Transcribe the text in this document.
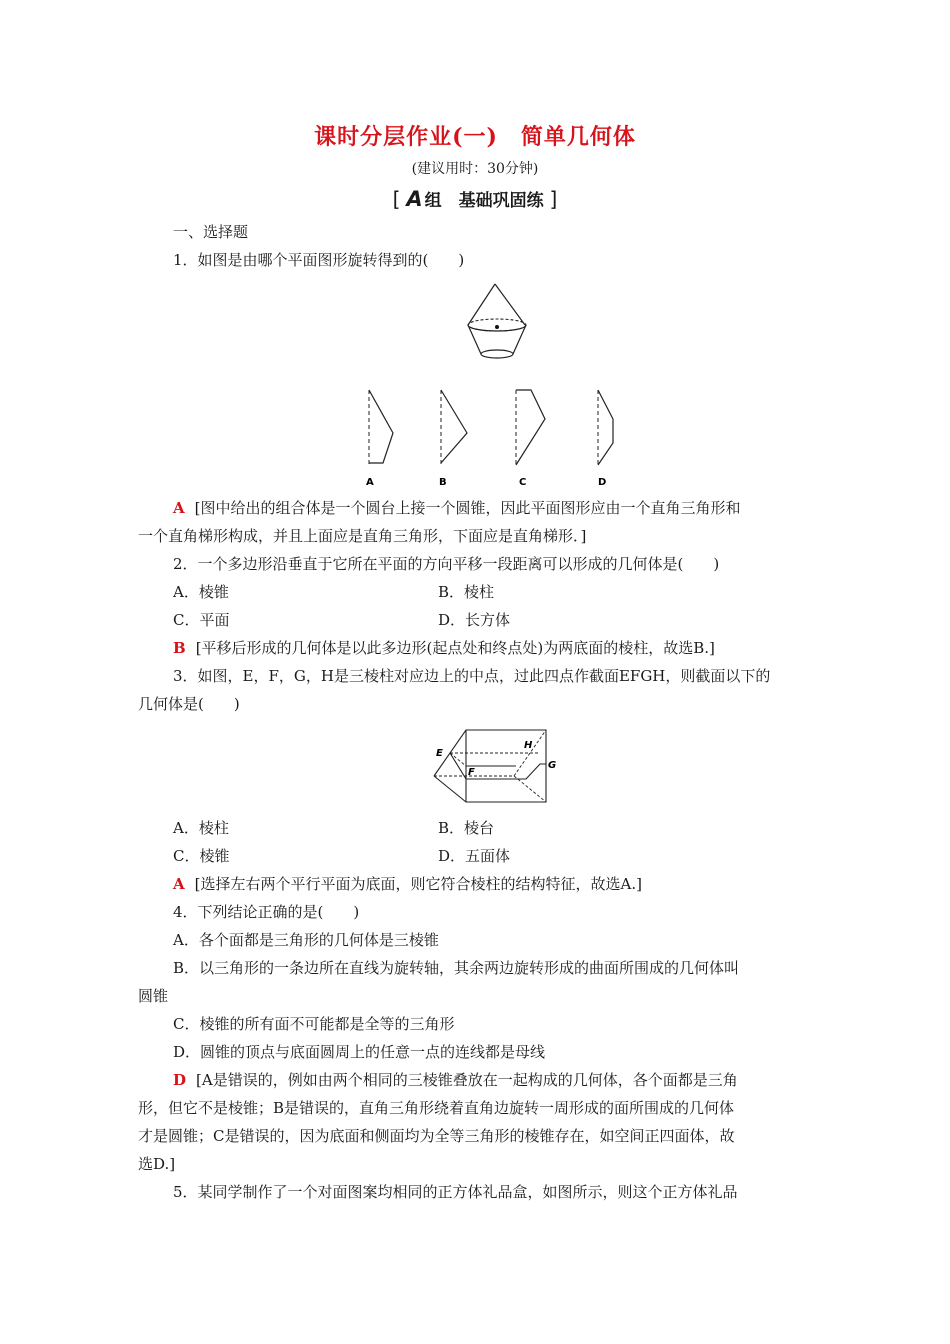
课时分层作业(一)　简单几何体
(建议用时：30分钟)
[ A 组　基础巩固练 ]
一、选择题
1．如图是由哪个平面图形旋转得到的(　　)
A	B	C	D
A [图中给出的组合体是一个圆台上接一个圆锥，因此平面图形应由一个直角三角形和
一个直角梯形构成，并且上面应是直角三角形，下面应是直角梯形．]
2．一个多边形沿垂直于它所在平面的方向平移一段距离可以形成的几何体是(　　)
A．棱锥	B．棱柱
C．平面	D．长方体
B [平移后形成的几何体是以此多边形(起点处和终点处)为两底面的棱柱，故选B.]
3．如图，E，F，G，H是三棱柱对应边上的中点，过此四点作截面EFGH，则截面以下的
几何体是(　　)
E
F
H
G
A．棱柱	B．棱台
C．棱锥	D．五面体
A [选择左右两个平行平面为底面，则它符合棱柱的结构特征，故选A.]
4．下列结论正确的是(　　)
A．各个面都是三角形的几何体是三棱锥
B．以三角形的一条边所在直线为旋转轴，其余两边旋转形成的曲面所围成的几何体叫
圆锥
C．棱锥的所有面不可能都是全等的三角形
D．圆锥的顶点与底面圆周上的任意一点的连线都是母线
D [A是错误的，例如由两个相同的三棱锥叠放在一起构成的几何体，各个面都是三角
形，但它不是棱锥；B是错误的，直角三角形绕着直角边旋转一周形成的面所围成的几何体
才是圆锥；C是错误的，因为底面和侧面均为全等三角形的棱锥存在，如空间正四面体，故
选D.]
5．某同学制作了一个对面图案均相同的正方体礼品盒，如图所示，则这个正方体礼品
